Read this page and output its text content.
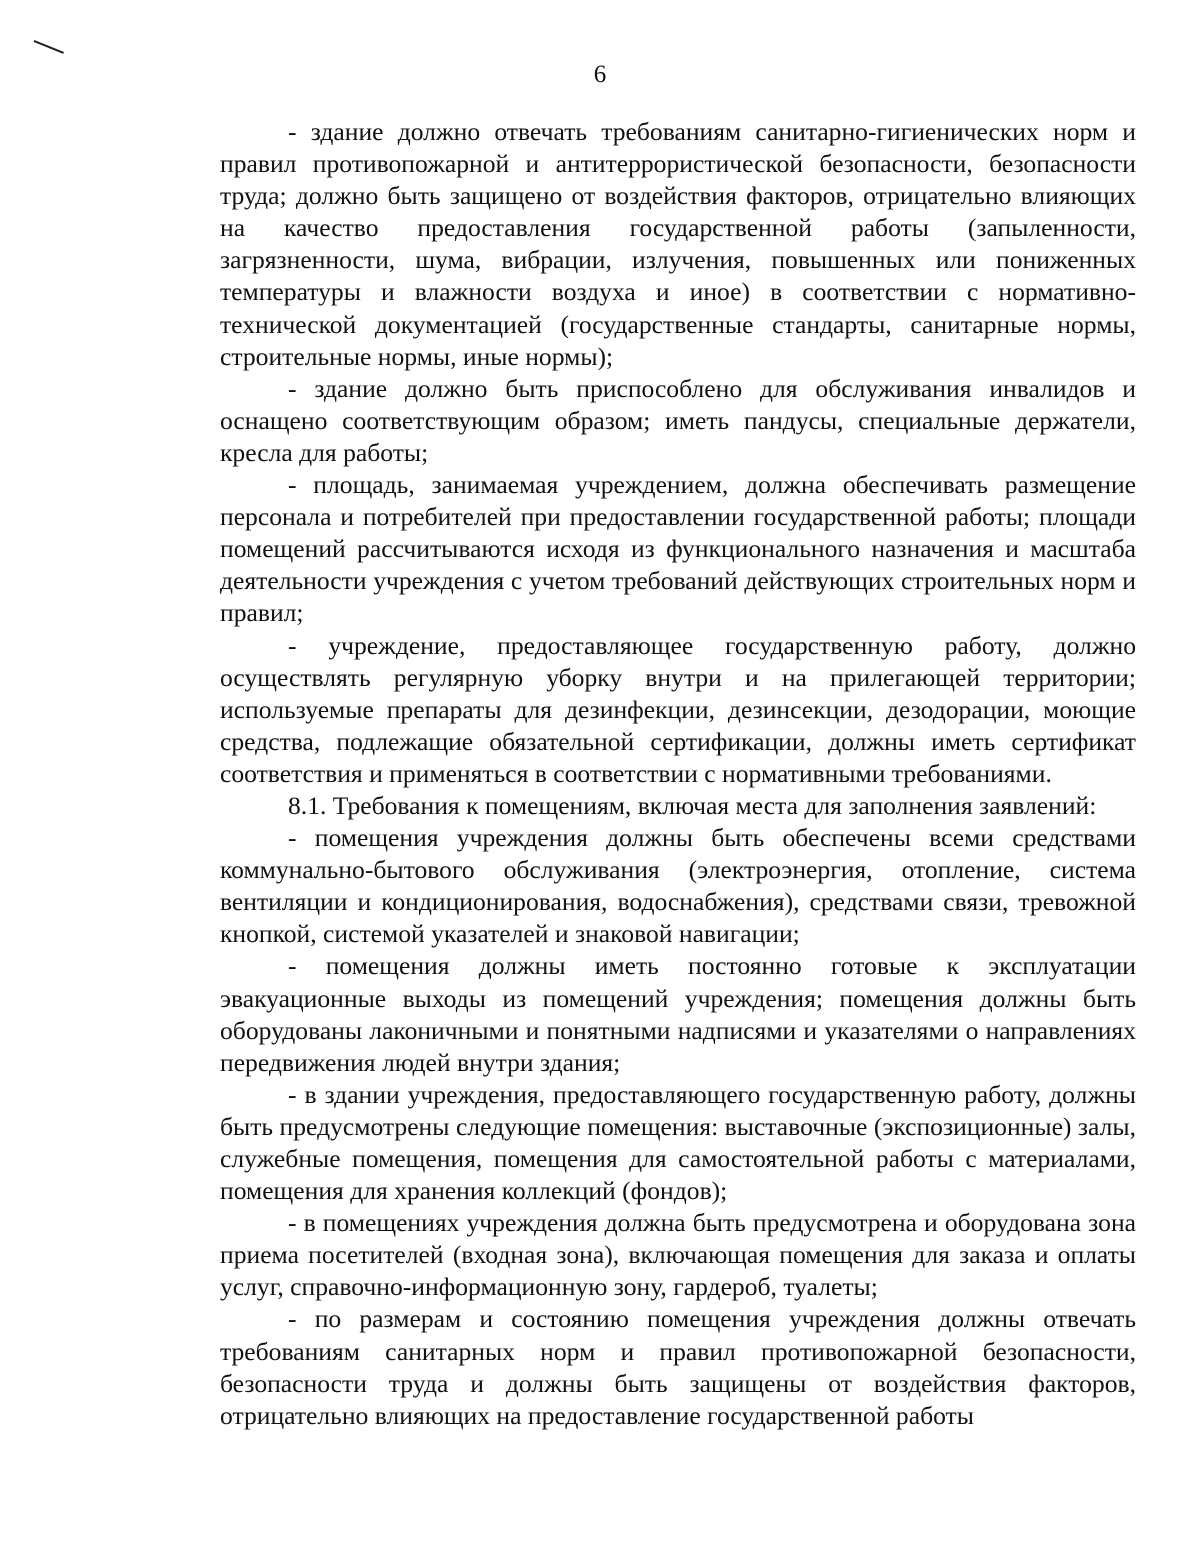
6

- здание должно отвечать требованиям санитарно-гигиенических норм и правил противопожарной и антитеррористической безопасности, безопасности труда; должно быть защищено от воздействия факторов, отрицательно влияющих на качество предоставления государственной работы (запыленности, загрязненности, шума, вибрации, излучения, повышенных или пониженных температуры и влажности воздуха и иное) в соответствии с нормативно-технической документацией (государственные стандарты, санитарные нормы, строительные нормы, иные нормы);

- здание должно быть приспособлено для обслуживания инвалидов и оснащено соответствующим образом; иметь пандусы, специальные держатели, кресла для работы;

- площадь, занимаемая учреждением, должна обеспечивать размещение персонала и потребителей при предоставлении государственной работы; площади помещений рассчитываются исходя из функционального назначения и масштаба деятельности учреждения с учетом требований действующих строительных норм и правил;

- учреждение, предоставляющее государственную работу, должно осуществлять регулярную уборку внутри и на прилегающей территории; используемые препараты для дезинфекции, дезинсекции, дезодорации, моющие средства, подлежащие обязательной сертификации, должны иметь сертификат соответствия и применяться в соответствии с нормативными требованиями.

8.1. Требования к помещениям, включая места для заполнения заявлений:

- помещения учреждения должны быть обеспечены всеми средствами коммунально-бытового обслуживания (электроэнергия, отопление, система вентиляции и кондиционирования, водоснабжения), средствами связи, тревожной кнопкой, системой указателей и знаковой навигации;

- помещения должны иметь постоянно готовые к эксплуатации эвакуационные выходы из помещений учреждения; помещения должны быть оборудованы лаконичными и понятными надписями и указателями о направлениях передвижения людей внутри здания;

- в здании учреждения, предоставляющего государственную работу, должны быть предусмотрены следующие помещения: выставочные (экспозиционные) залы, служебные помещения, помещения для самостоятельной работы с материалами, помещения для хранения коллекций (фондов);

- в помещениях учреждения должна быть предусмотрена и оборудована зона приема посетителей (входная зона), включающая помещения для заказа и оплаты услуг, справочно-информационную зону, гардероб, туалеты;

- по размерам и состоянию помещения учреждения должны отвечать требованиям санитарных норм и правил противопожарной безопасности, безопасности труда и должны быть защищены от воздействия факторов, отрицательно влияющих на предоставление государственной работы
